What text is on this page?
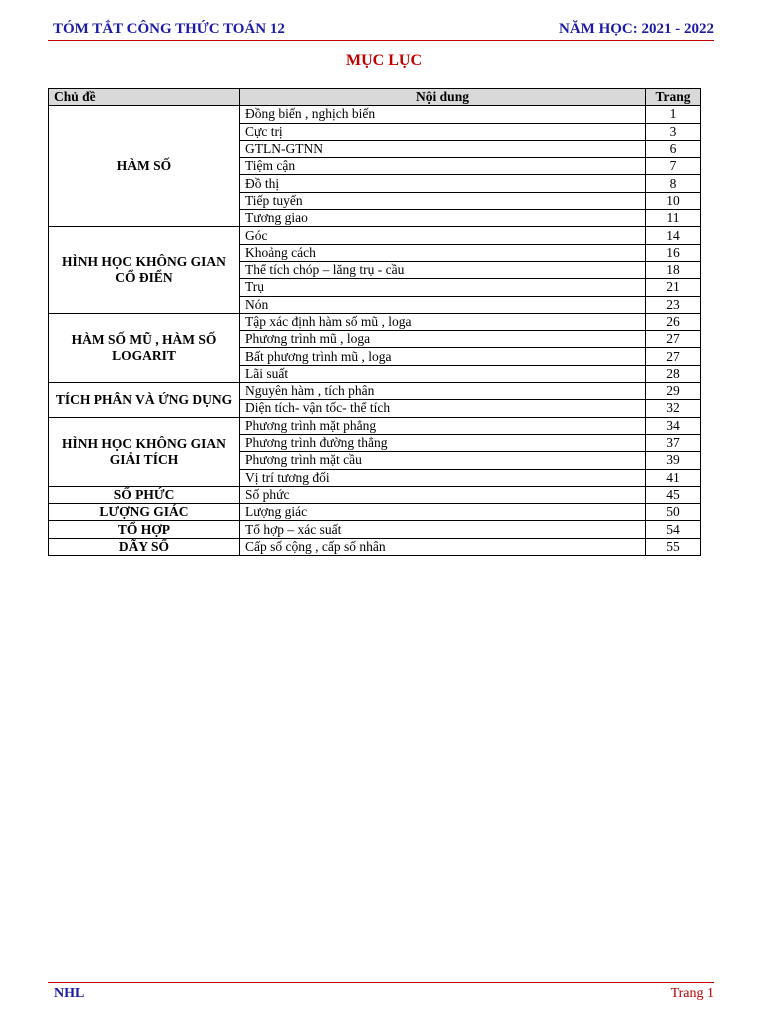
TÓM TẮT CÔNG THỨC TOÁN 12	NĂM HỌC: 2021 - 2022
MỤC LỤC
Chủ đề	Nội dung	Trang
HÀM SỐ	Đồng biến , nghịch biến	1
	Cực trị	3
	GTLN-GTNN	6
	Tiệm cận	7
	Đồ thị	8
	Tiếp tuyến	10
	Tương giao	11
HÌNH HỌC KHÔNG GIAN CỔ ĐIỂN	Góc	14
	Khoảng cách	16
	Thể tích chóp – lăng trụ - cầu	18
	Trụ	21
	Nón	23
HÀM SỐ MŨ , HÀM SỐ LOGARIT	Tập xác định hàm số mũ , loga	26
	Phương trình mũ , loga	27
	Bất phương trình mũ , loga	27
	Lãi suất	28
TÍCH PHÂN VÀ ỨNG DỤNG	Nguyên hàm , tích phân	29
	Diện tích- vận tốc- thể tích	32
HÌNH HỌC KHÔNG GIAN GIẢI TÍCH	Phương trình mặt phẳng	34
	Phương trình đường thẳng	37
	Phương trình mặt cầu	39
	Vị trí tương đối	41
SỐ PHỨC	Số phức	45
LƯỢNG GIÁC	Lượng giác	50
TỔ HỢP	Tổ hợp – xác suất	54
DÃY SỐ	Cấp số cộng , cấp số nhân	55
NHL	Trang 1
